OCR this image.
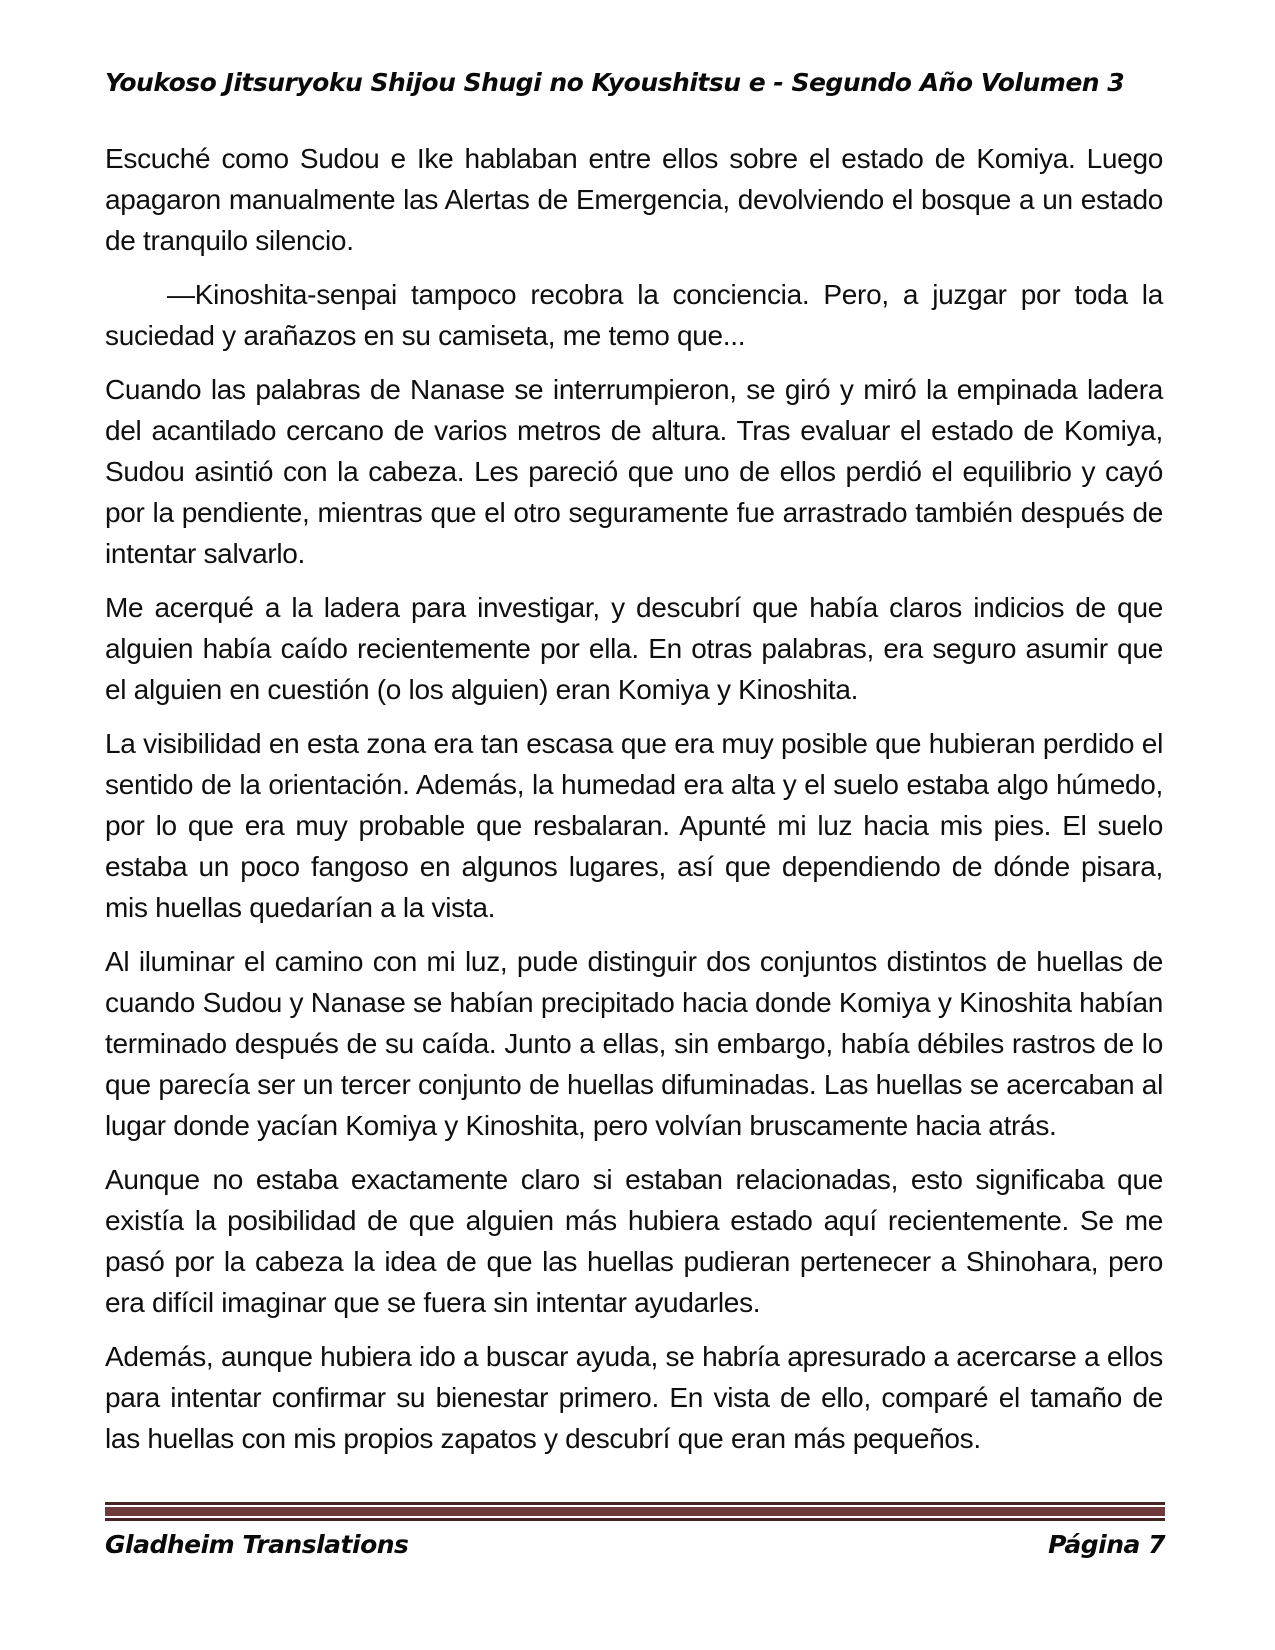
Youkoso Jitsuryoku Shijou Shugi no Kyoushitsu e - Segundo Año Volumen 3

Escuché como Sudou e Ike hablaban entre ellos sobre el estado de Komiya. Luego apagaron manualmente las Alertas de Emergencia, devolviendo el bosque a un estado de tranquilo silencio.

—Kinoshita-senpai tampoco recobra la conciencia. Pero, a juzgar por toda la suciedad y arañazos en su camiseta, me temo que...

Cuando las palabras de Nanase se interrumpieron, se giró y miró la empinada ladera del acantilado cercano de varios metros de altura. Tras evaluar el estado de Komiya, Sudou asintió con la cabeza. Les pareció que uno de ellos perdió el equilibrio y cayó por la pendiente, mientras que el otro seguramente fue arrastrado también después de intentar salvarlo.

Me acerqué a la ladera para investigar, y descubrí que había claros indicios de que alguien había caído recientemente por ella. En otras palabras, era seguro asumir que el alguien en cuestión (o los alguien) eran Komiya y Kinoshita.

La visibilidad en esta zona era tan escasa que era muy posible que hubieran perdido el sentido de la orientación. Además, la humedad era alta y el suelo estaba algo húmedo, por lo que era muy probable que resbalaran. Apunté mi luz hacia mis pies. El suelo estaba un poco fangoso en algunos lugares, así que dependiendo de dónde pisara, mis huellas quedarían a la vista.

Al iluminar el camino con mi luz, pude distinguir dos conjuntos distintos de huellas de cuando Sudou y Nanase se habían precipitado hacia donde Komiya y Kinoshita habían terminado después de su caída. Junto a ellas, sin embargo, había débiles rastros de lo que parecía ser un tercer conjunto de huellas difuminadas. Las huellas se acercaban al lugar donde yacían Komiya y Kinoshita, pero volvían bruscamente hacia atrás.

Aunque no estaba exactamente claro si estaban relacionadas, esto significaba que existía la posibilidad de que alguien más hubiera estado aquí recientemente. Se me pasó por la cabeza la idea de que las huellas pudieran pertenecer a Shinohara, pero era difícil imaginar que se fuera sin intentar ayudarles.

Además, aunque hubiera ido a buscar ayuda, se habría apresurado a acercarse a ellos para intentar confirmar su bienestar primero. En vista de ello, comparé el tamaño de las huellas con mis propios zapatos y descubrí que eran más pequeños.

Gladheim Translations	Página 7
